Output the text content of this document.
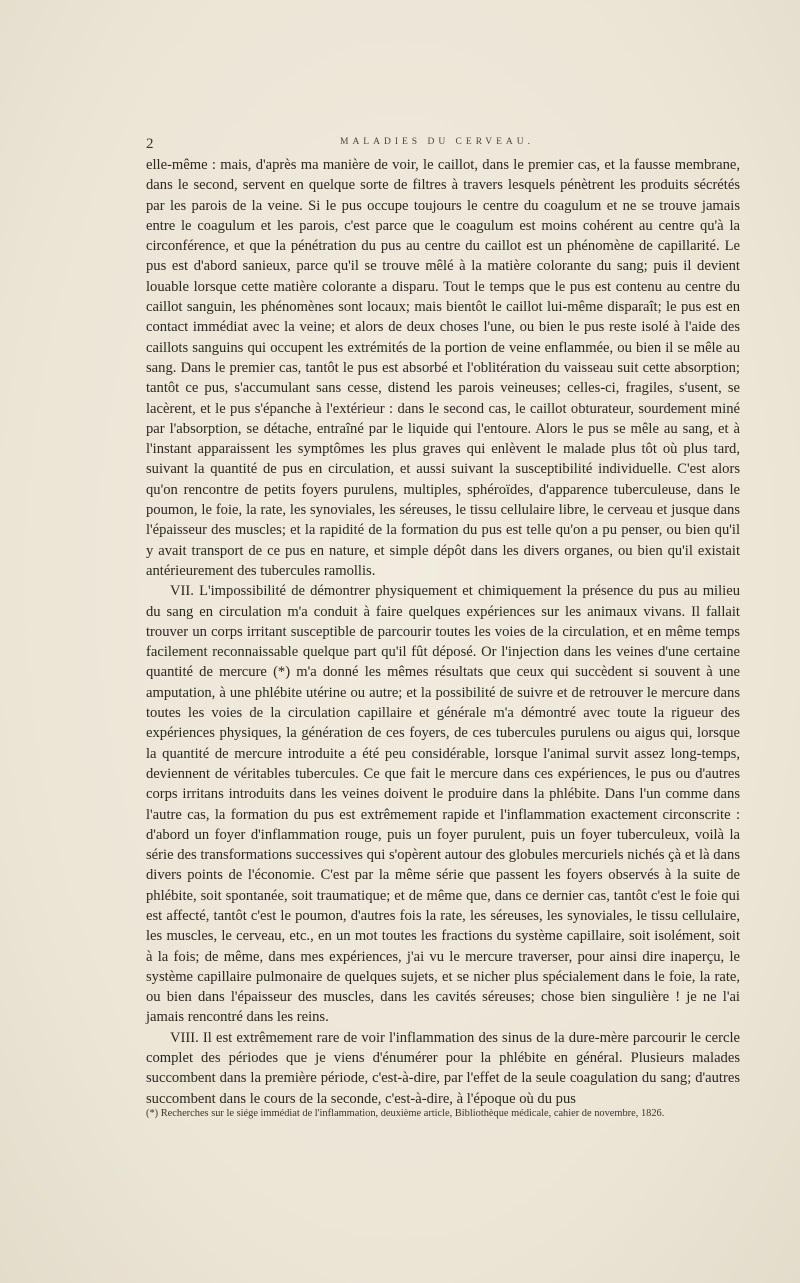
2	MALADIES DU CERVEAU.

elle-même : mais, d'après ma manière de voir, le caillot, dans le premier cas, et la fausse membrane, dans le second, servent en quelque sorte de filtres à travers lesquels pénètrent les produits sécrétés par les parois de la veine. Si le pus occupe toujours le centre du coagulum et ne se trouve jamais entre le coagulum et les parois, c'est parce que le coagulum est moins cohérent au centre qu'à la circonférence, et que la pénétration du pus au centre du caillot est un phénomène de capillarité. Le pus est d'abord sanieux, parce qu'il se trouve mêlé à la matière colorante du sang; puis il devient louable lorsque cette matière colorante a disparu. Tout le temps que le pus est contenu au centre du caillot sanguin, les phénomènes sont locaux; mais bientôt le caillot lui-même disparaît; le pus est en contact immédiat avec la veine; et alors de deux choses l'une, ou bien le pus reste isolé à l'aide des caillots sanguins qui occupent les extrémités de la portion de veine enflammée, ou bien il se mêle au sang. Dans le premier cas, tantôt le pus est absorbé et l'oblitération du vaisseau suit cette absorption; tantôt ce pus, s'accumulant sans cesse, distend les parois veineuses; celles-ci, fragiles, s'usent, se lacèrent, et le pus s'épanche à l'extérieur : dans le second cas, le caillot obturateur, sourdement miné par l'absorption, se détache, entraîné par le liquide qui l'entoure. Alors le pus se mêle au sang, et à l'instant apparaissent les symptômes les plus graves qui enlèvent le malade plus tôt où plus tard, suivant la quantité de pus en circulation, et aussi suivant la susceptibilité individuelle. C'est alors qu'on rencontre de petits foyers purulens, multiples, sphéroïdes, d'apparence tuberculeuse, dans le poumon, le foie, la rate, les synoviales, les séreuses, le tissu cellulaire libre, le cerveau et jusque dans l'épaisseur des muscles; et la rapidité de la formation du pus est telle qu'on a pu penser, ou bien qu'il y avait transport de ce pus en nature, et simple dépôt dans les divers organes, ou bien qu'il existait antérieurement des tubercules ramollis.

VII. L'impossibilité de démontrer physiquement et chimiquement la présence du pus au milieu du sang en circulation m'a conduit à faire quelques expériences sur les animaux vivans. Il fallait trouver un corps irritant susceptible de parcourir toutes les voies de la circulation, et en même temps facilement reconnaissable quelque part qu'il fût déposé. Or l'injection dans les veines d'une certaine quantité de mercure (*) m'a donné les mêmes résultats que ceux qui succèdent si souvent à une amputation, à une phlébite utérine ou autre; et la possibilité de suivre et de retrouver le mercure dans toutes les voies de la circulation capillaire et générale m'a démontré avec toute la rigueur des expériences physiques, la génération de ces foyers, de ces tubercules purulens ou aigus qui, lorsque la quantité de mercure introduite a été peu considérable, lorsque l'animal survit assez long-temps, deviennent de véritables tubercules. Ce que fait le mercure dans ces expériences, le pus ou d'autres corps irritans introduits dans les veines doivent le produire dans la phlébite. Dans l'un comme dans l'autre cas, la formation du pus est extrêmement rapide et l'inflammation exactement circonscrite : d'abord un foyer d'inflammation rouge, puis un foyer purulent, puis un foyer tuberculeux, voilà la série des transformations successives qui s'opèrent autour des globules mercuriels nichés çà et là dans divers points de l'économie. C'est par la même série que passent les foyers observés à la suite de phlébite, soit spontanée, soit traumatique; et de même que, dans ce dernier cas, tantôt c'est le foie qui est affecté, tantôt c'est le poumon, d'autres fois la rate, les séreuses, les synoviales, le tissu cellulaire, les muscles, le cerveau, etc., en un mot toutes les fractions du système capillaire, soit isolément, soit à la fois; de même, dans mes expériences, j'ai vu le mercure traverser, pour ainsi dire inaperçu, le système capillaire pulmonaire de quelques sujets, et se nicher plus spécialement dans le foie, la rate, ou bien dans l'épaisseur des muscles, dans les cavités séreuses; chose bien singulière ! je ne l'ai jamais rencontré dans les reins.

VIII. Il est extrêmement rare de voir l'inflammation des sinus de la dure-mère parcourir le cercle complet des périodes que je viens d'énumérer pour la phlébite en général. Plusieurs malades succombent dans la première période, c'est-à-dire, par l'effet de la seule coagulation du sang; d'autres succombent dans le cours de la seconde, c'est-à-dire, à l'époque où du pus

(*) Recherches sur le siége immédiat de l'inflammation, deuxième article, Bibliothèque médicale, cahier de novembre, 1826.
